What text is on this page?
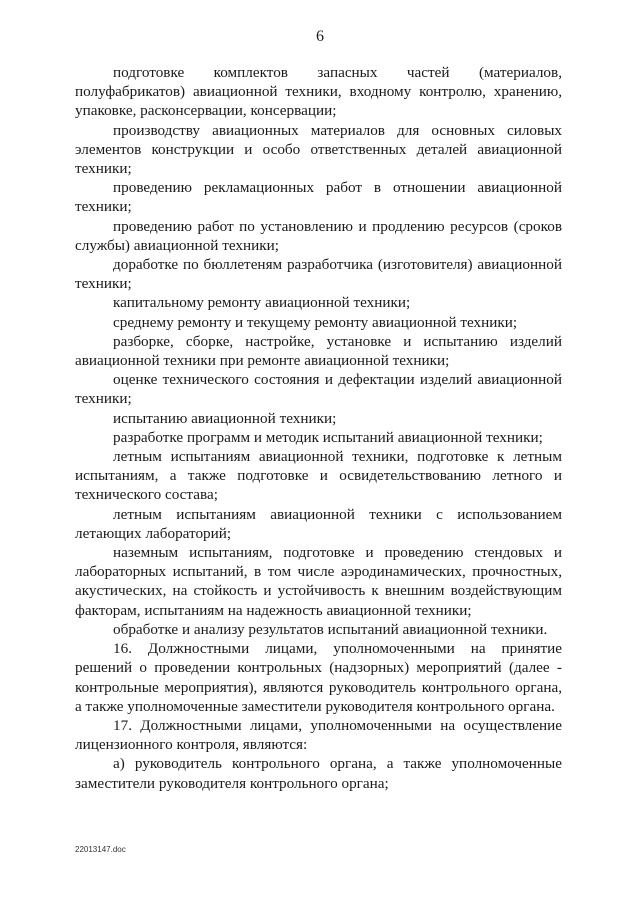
6

подготовке комплектов запасных частей (материалов, полуфабрикатов) авиационной техники, входному контролю, хранению, упаковке, расконсервации, консервации;

производству авиационных материалов для основных силовых элементов конструкции и особо ответственных деталей авиационной техники;

проведению рекламационных работ в отношении авиационной техники;

проведению работ по установлению и продлению ресурсов (сроков службы) авиационной техники;

доработке по бюллетеням разработчика (изготовителя) авиационной техники;

капитальному ремонту авиационной техники;

среднему ремонту и текущему ремонту авиационной техники;

разборке, сборке, настройке, установке и испытанию изделий авиационной техники при ремонте авиационной техники;

оценке технического состояния и дефектации изделий авиационной техники;

испытанию авиационной техники;

разработке программ и методик испытаний авиационной техники;

летным испытаниям авиационной техники, подготовке к летным испытаниям, а также подготовке и освидетельствованию летного и технического состава;

летным испытаниям авиационной техники с использованием летающих лабораторий;

наземным испытаниям, подготовке и проведению стендовых и лабораторных испытаний, в том числе аэродинамических, прочностных, акустических, на стойкость и устойчивость к внешним воздействующим факторам, испытаниям на надежность авиационной техники;

обработке и анализу результатов испытаний авиационной техники.

16. Должностными лицами, уполномоченными на принятие решений о проведении контрольных (надзорных) мероприятий (далее - контрольные мероприятия), являются руководитель контрольного органа, а также уполномоченные заместители руководителя контрольного органа.

17. Должностными лицами, уполномоченными на осуществление лицензионного контроля, являются:

а) руководитель контрольного органа, а также уполномоченные заместители руководителя контрольного органа;

22013147.doc
